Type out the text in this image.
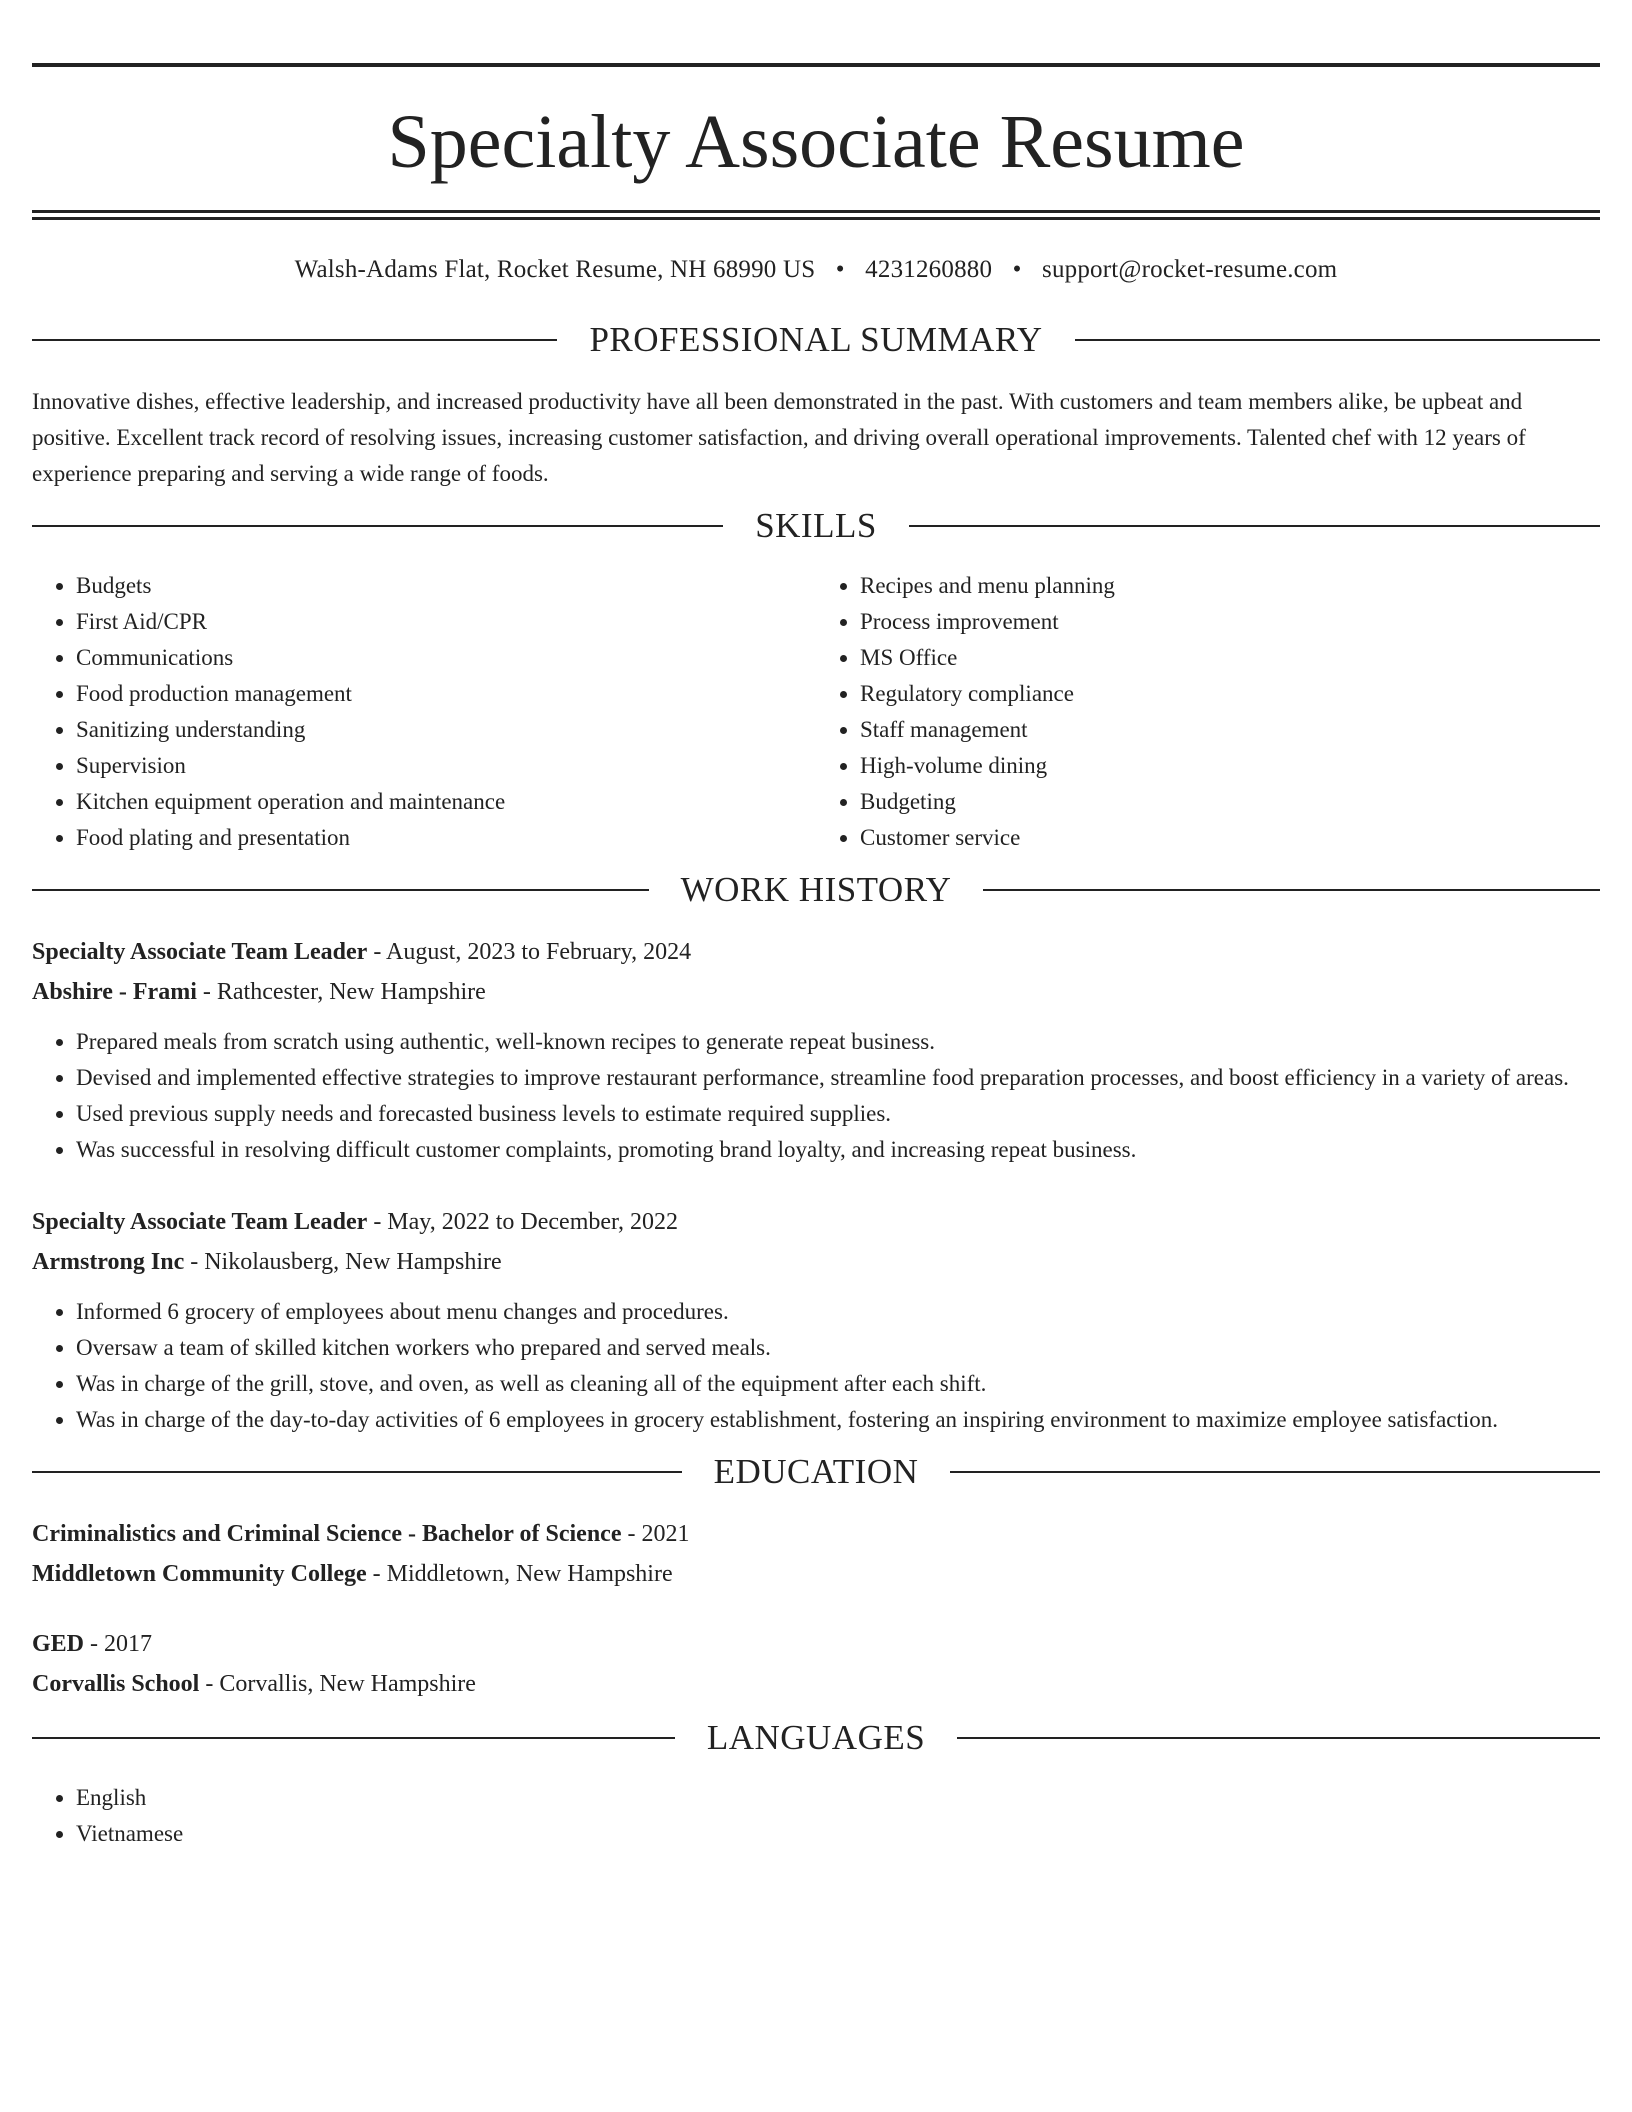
Specialty Associate Resume
Walsh-Adams Flat, Rocket Resume, NH 68990 US • 4231260880 • support@rocket-resume.com
PROFESSIONAL SUMMARY

Innovative dishes, effective leadership, and increased productivity have all been demonstrated in the past. With customers and team members alike, be upbeat and positive. Excellent track record of resolving issues, increasing customer satisfaction, and driving overall operational improvements. Talented chef with 12 years of experience preparing and serving a wide range of foods.

SKILLS
• Budgets
• First Aid/CPR
• Communications
• Food production management
• Sanitizing understanding
• Supervision
• Kitchen equipment operation and maintenance
• Food plating and presentation
• Recipes and menu planning
• Process improvement
• MS Office
• Regulatory compliance
• Staff management
• High-volume dining
• Budgeting
• Customer service
WORK HISTORY
Specialty Associate Team Leader - August, 2023 to February, 2024
Abshire - Frami - Rathcester, New Hampshire
• Prepared meals from scratch using authentic, well-known recipes to generate repeat business.
• Devised and implemented effective strategies to improve restaurant performance, streamline food preparation processes, and boost efficiency in a variety of areas.
• Used previous supply needs and forecasted business levels to estimate required supplies.
• Was successful in resolving difficult customer complaints, promoting brand loyalty, and increasing repeat business.
Specialty Associate Team Leader - May, 2022 to December, 2022
Armstrong Inc - Nikolausberg, New Hampshire
• Informed 6 grocery of employees about menu changes and procedures.
• Oversaw a team of skilled kitchen workers who prepared and served meals.
• Was in charge of the grill, stove, and oven, as well as cleaning all of the equipment after each shift.
• Was in charge of the day-to-day activities of 6 employees in grocery establishment, fostering an inspiring environment to maximize employee satisfaction.
EDUCATION
Criminalistics and Criminal Science - Bachelor of Science - 2021
Middletown Community College - Middletown, New Hampshire
GED - 2017
Corvallis School - Corvallis, New Hampshire
LANGUAGES
• English
• Vietnamese
